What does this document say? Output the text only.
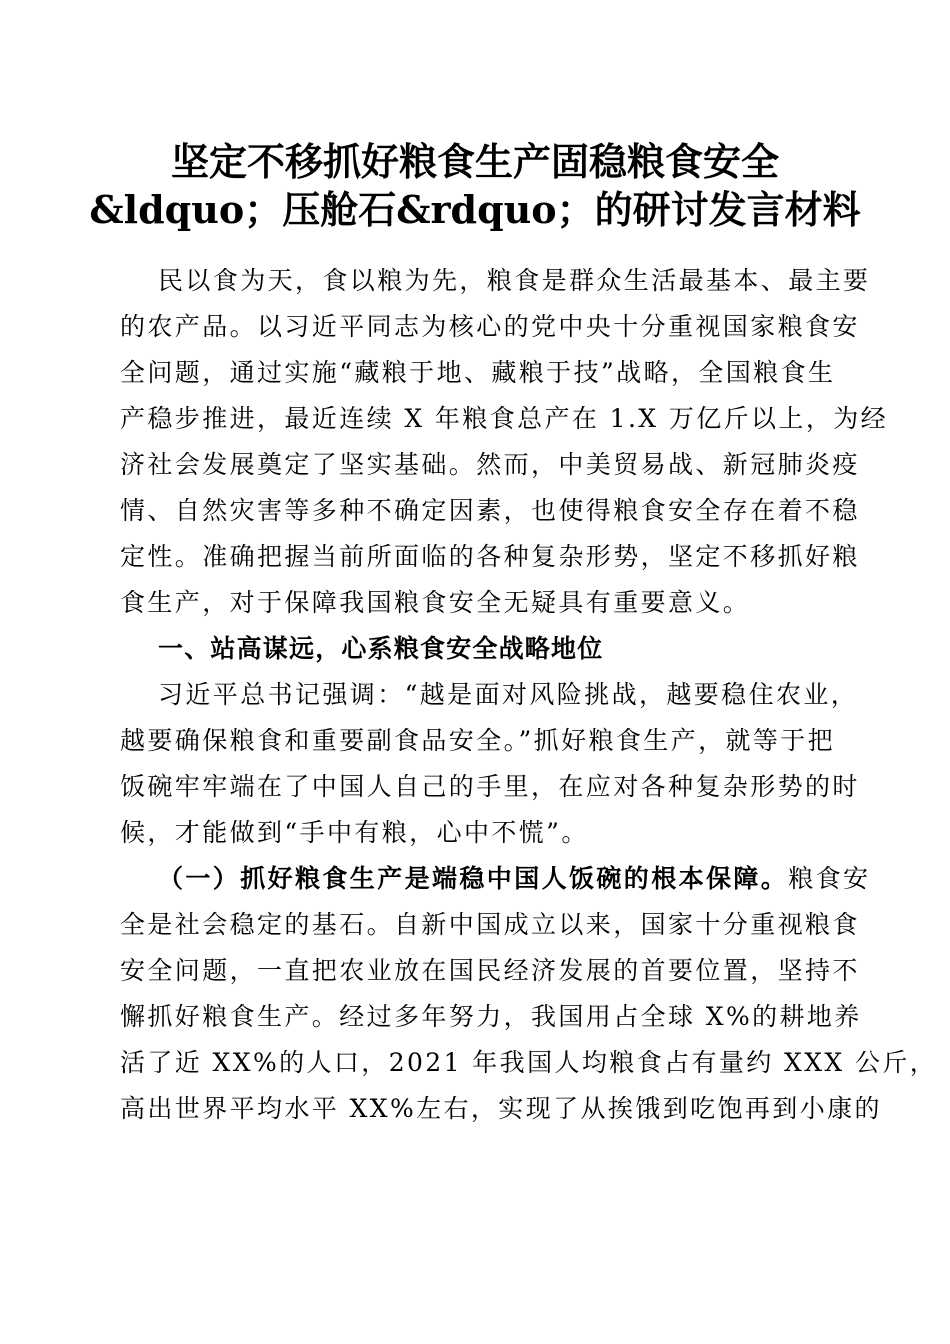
坚定不移抓好粮食生产固稳粮食安全
&ldquo；压舱石&rdquo；的研讨发言材料
民以食为天，食以粮为先，粮食是群众生活最基本、最主要
的农产品。以习近平同志为核心的党中央十分重视国家粮食安
全问题，通过实施“藏粮于地、藏粮于技”战略，全国粮食生
产稳步推进，最近连续 X 年粮食总产在 1.X 万亿斤以上，为经
济社会发展奠定了坚实基础。然而，中美贸易战、新冠肺炎疫
情、自然灾害等多种不确定因素，也使得粮食安全存在着不稳
定性。准确把握当前所面临的各种复杂形势，坚定不移抓好粮
食生产，对于保障我国粮食安全无疑具有重要意义。
一、站高谋远，心系粮食安全战略地位
习近平总书记强调：“越是面对风险挑战，越要稳住农业，
越要确保粮食和重要副食品安全。”抓好粮食生产，就等于把
饭碗牢牢端在了中国人自己的手里，在应对各种复杂形势的时
候，才能做到“手中有粮，心中不慌”。
（一）抓好粮食生产是端稳中国人饭碗的根本保障。粮食安
全是社会稳定的基石。自新中国成立以来，国家十分重视粮食
安全问题，一直把农业放在国民经济发展的首要位置，坚持不
懈抓好粮食生产。经过多年努力，我国用占全球 X%的耕地养
活了近 XX%的人口，2021 年我国人均粮食占有量约 XXX 公斤，
高出世界平均水平 XX%左右，实现了从挨饿到吃饱再到小康的
